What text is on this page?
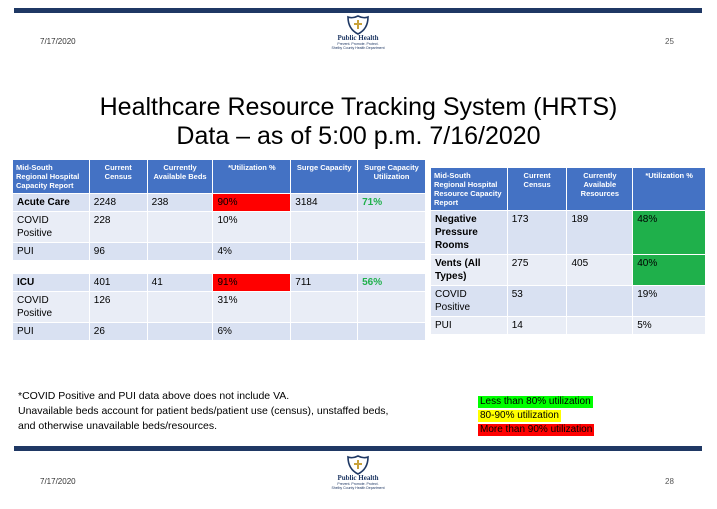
7/17/2020	Public Health
Prevent. Promote. Protect.
Shelby County Health Department
25
Healthcare Resource Tracking System (HRTS)
Data – as of 5:00 p.m. 7/16/2020
Mid-South Regional Hospital Capacity Report	Current Census	Currently Available Beds	*Utilization %	Surge Capacity	Surge Capacity Utilization
Acute Care	2248	238	90%	3184	71%
COVID Positive	228		10%		
PUI	96		4%		

ICU	401	41	91%	711	56%
COVID Positive	126		31%		
PUI	26		6%		
Mid-South Regional Hospital Resource Capacity Report	Current Census	Currently Available Resources	*Utilization %
Negative Pressure Rooms	173	189	48%
Vents (All Types)	275	405	40%
COVID Positive	53		19%
PUI	14		5%
*COVID Positive and PUI data above does not include VA.
Unavailable beds account for patient beds/patient use (census), unstaffed beds,
and otherwise unavailable beds/resources.
Less than 80% utilization
80-90% utilization
More than 90% utilization
7/17/2020	Public Health
Prevent. Promote. Protect.
Shelby County Health Department
28
